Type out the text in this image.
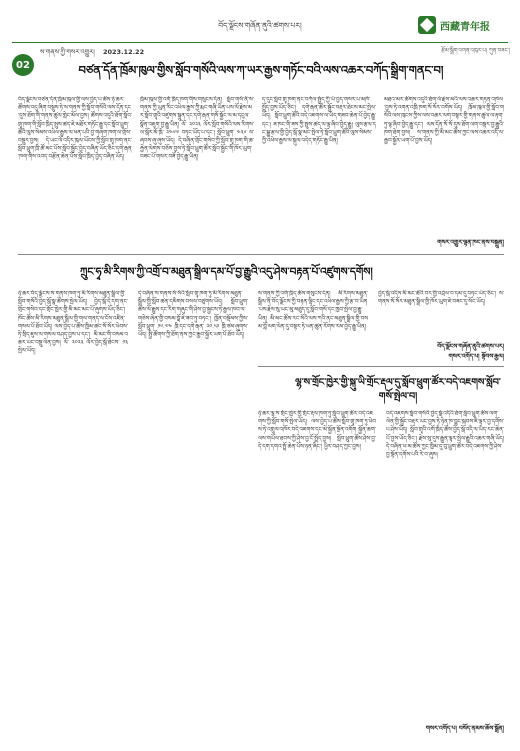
བོད་ལྗོངས་གཞོན་ནུའི་ཚགས་པར།	西藏青年报
ས་གནས་ཀྱི་གསར་འགྱུར། 2023.12.22	རྩོམ་སྒྲིག་འགན་འཁུར་པ། ཀུན་བཟང་།
02	བཙན་དོན་ཁྲོམ་ཁུལ་གྱིས་སློབ་གསོའི་ལས་ཀ་ཡར་རྒྱས་གཏོང་བའི་ལས་འཆར་བཀོད་སྒྲིག་གནང་བ།
བོད་ལྗོངས་བཙན་དོན་ཁྲོམ་ཁུལ་གྱི་ལས་བྱེད་པ་ཚོས་ཉེ་ཆར་ཚོགས་འདུ་ཞིག་བསྡུས་ཏེ་ས་གནས་ཀྱི་སློབ་གསོའི་ལས་དོན་དང་དུས་ཐོག་གི་གནས་ཚུལ་གླེང་མོལ་བྱས། ཚོགས་འདུའི་ཐོག་སློབ་གྲྭ་ཁག་གི་སློབ་ཁྲིད་སྤུས་ཚད་ཇེ་མཐོར་གཏོང་རྒྱུ་དང་སློབ་ཕྲུག་ཚོའི་ལུས་སེམས་འཕེལ་རྒྱས་ལ་ཕན་པའི་བྱ་གཞག་ཁག་ལ་གྲོས་བསྡུར་བྱས། དེ་ཡང་ལོ་འདིར་ཁུལ་ཡོངས་ཀྱི་སློབ་གྲྭ་ཁག་ནང་སློབ་ཕྲུག་ཁྲི་ཚོ་མང་པོས་སློབ་སྦྱོང་བྱེད་བཞིན་ཡོད་ཅིང་དགེ་རྒན་ཁག་གིས་འབད་བརྩོན་ཆེན་པོས་སློབ་ཁྲིད་བྱེད་བཞིན་ཡོད།
ཁྲོམ་ཁུལ་གྱི་འགོ་ཁྲིད་ཁག་གིས་གསུངས་དོན། སློབ་གསོ་ནི་ས་གནས་ཀྱི་ཡུན་རིང་འཕེལ་རྒྱས་ཀྱི་རྨང་གཞི་ཡིན་པས་ལོ་རྗེས་མར་སློབ་གྲྭའི་འཛུགས་སྐྲུན་དང་དགེ་རྒན་གསོ་སྐྱོང་ལ་མ་དངུལ་སྣོན་འཇུག་བྱ་རྒྱུ་ཡིན། ལོ་ ༢༠༢༣ ལོར་སློབ་གསོའི་ལས་རིགས་ལ་སྒོར་མོ་ཁྲི་ ༢༤༦༧ བཏང་ཡོད་པ་དང་། སློབ་ཕྲུག་ ༤༣༦ ལ་ཞབས་ཞུ་ཞུས་ཡོད། དེ་བཞིན་གྲོང་གསེབ་ཀྱི་སློབ་གྲྭ་ཁག་གི་ཆ་རྐྱེན་ལེགས་བཅོས་བྱས་ཏེ་སློབ་ཕྲུག་ཚོར་སློབ་སྦྱོང་གི་ཁོར་ཡུག་བཟང་པོ་གསར་བཟོ་བྱེད་རྒྱུ་ཡིན།
ད་དུང་སློབ་གྲྭ་ཁག་ནང་བཀོལ་སྤྱོད་ཀྱི་ཡོ་བྱད་གསར་པ་མཁོ་སྤྲོད་བྱས་ཡོད་ཅིང་། དགེ་རྒན་ཚོར་སྦྱོང་བརྡར་ཐེངས་མང་སྤེལ་ཡོད། སློབ་ཕྲུག་ཚོའི་བདེ་འཇགས་ལ་ཡིད་གཟབ་ཆེན་པོ་བྱེད་རྒྱུ་དང་། ཟ་ཁང་གི་ཟས་ཀྱི་སྤུས་ཚད་ལ་ལྟ་ཞིབ་བྱེད་རྒྱུ། ལུས་རྩལ་དང་སྒྱུ་རྩལ་གྱི་བྱེད་སྒོ་སྣ་མང་སྤེལ་ཏེ་སློབ་ཕྲུག་ཚོའི་ལུས་སེམས་ཀྱི་འཕེལ་རྒྱས་ལ་སྐུལ་འདེད་གཏོང་རྒྱུ་ཡིན།
མཐའ་མར་ཚོགས་འདུའི་ཐོག་ལོ་རྗེས་མའི་ལས་འཆར་གཏན་འཁེལ་བྱས་ཏེ་འགན་འཁྲི་ཁག་སོ་སོར་བགོས་ཡོད། ཁྲོམ་ཁུལ་གྱི་སློབ་གསོའི་ལས་ཁུངས་ཀྱིས་ལས་འཆར་ལག་བསྟར་གྱི་གནས་ཚུལ་ལ་རྟག་ཏུ་ལྟ་ཞིབ་བྱེད་རྒྱུ་དང་། ལས་དོན་སོ་སོ་དུས་ཐོག་ལག་བསྟར་བྱ་རྒྱུའི་ཁག་ཐེག་བྱས། ས་གནས་ཀྱི་མི་མང་ཚོས་ཀྱང་ལས་འཆར་འདི་ལ་རྒྱབ་སྐྱོར་ཡག་པོ་བྱས་ཡོད།
གསར་འགྱུར་ལྷན་ཁང་ནས་བསྐྲུན།
ཀྲུང་ཧྭ་མི་རིགས་ཀྱི་འགྲོ་བ་མཐུན་སྒྲིལ་དམ་པོ་བྱ་རྒྱུའི་འདུ་ཤེས་བརྟན་པོ་འཛུགས་དགོས།
ཉེ་ཆར་བོད་ལྗོངས་ས་གནས་ཁག་ཏུ་མི་རིགས་མཐུན་སྒྲིལ་གྱི་སློབ་གསོའི་བྱེད་སྒོ་སྣ་ཚོགས་སྤེལ་ཡོད། བྱེད་སྒོ་དེ་དག་ནང་གྲོང་གསེབ་དང་གྲོང་ཁྱེར་གྱི་མི་མང་མང་པོ་ཞུགས་ཡོད་ཅིང་། ཁོང་ཚོས་མི་རིགས་མཐུན་སྒྲིལ་གྱི་གལ་གནད་ལ་ངོས་འཛིན་གསལ་པོ་ཐོབ་ཡོད། ལས་བྱེད་པ་ཚོས་ཁྱིམ་ཚང་སོ་སོར་ཕེབས་ཏེ་སྲིད་ཇུས་ལ་གསལ་བཤད་བྱས་པ་དང་། མི་མང་གི་བསམ་འཆར་ཡང་བསྡུ་ལེན་བྱས། ལོ་ ༢༠༢༣ ལོར་བྱེད་སྒོ་ཐེངས་ ༡༣ སྤེལ་ཡོད།
དེ་བཞིན་ས་གནས་སོ་སོའི་སློབ་གྲྭ་ཁག་ཏུ་མི་རིགས་མཐུན་སྒྲིལ་གྱི་སློབ་ཚན་དམིགས་བསལ་བཙུགས་ཡོད། སློབ་ཕྲུག་ཚོས་ལོ་རྒྱུས་དང་རིག་གཞུང་གི་ཤེས་བྱ་སྦྱངས་ཏེ་རྒྱལ་ཁབ་ལ་གཅེས་ཞེན་གྱི་བསམ་བློ་ཇེ་ཟབ་ཏུ་བཏང་། ཁྱོན་བསྡོམས་ཀྱིས་སློབ་ཕྲུག་ ༡༦.༧༤ ཁྲི་དང་དགེ་རྒན་ ༢༠.༥༩ ཁྲི་ཙམ་ཞུགས་ཡོད། སྤྱི་ཚོགས་ཀྱི་ཐོག་ནས་ཀྱང་རྒྱབ་སྐྱོར་ཡག་པོ་ཐོབ་ཡོད།
ས་གནས་ཀྱི་འགོ་ཁྲིད་ཚོས་གསུངས་དོན། མི་རིགས་མཐུན་སྒྲིལ་ནི་བོད་ལྗོངས་ཀྱི་བརྟན་ལྷིང་དང་འཕེལ་རྒྱས་ཀྱི་རྩ་བ་ཡིན་པས་རྗེས་སུ་ཡང་མུ་མཐུད་དུ་སློབ་གསོ་དང་ཁྱབ་སྤེལ་བྱ་རྒྱུ་ཡིན། མི་མང་ཚོས་རང་སོའི་ལས་ཀའི་ནང་མཐུན་སྒྲིལ་གྱི་བསམ་བློ་ལག་ལེན་དུ་བསྟར་ཏེ་ཕན་ཚུན་རོགས་རམ་བྱེད་རྒྱུ་ཡིན།
བྱེད་སྒོ་འདིས་མི་མང་ཚོའི་བར་གྱི་འབྲེལ་བ་དམ་དུ་བཏང་ཡོད་ཅིང་། ས་གནས་སོ་སོར་མཐུན་སྒྲིལ་གྱི་ཁོར་ཡུག་ཇེ་བཟང་དུ་སོང་ཡོད།
བོད་ལྗོངས་གཞོན་ནུའི་ཚགས་པར།
གསར་འགོད་པ། སྟོབས་རྒྱལ།
ལྷ་ས་གྲོང་ཁྱེར་གྱི་སྐུ་ཡི་གྲོང་རྡལ་དུ་སློབ་ཕྲུག་ཚོར་བདེ་འཇགས་སློབ་གསོ་སྤེལ་བ།
ཉེ་ཆར་ལྷ་ས་གྲོང་ཁྱེར་གྱི་གྲོང་རྡལ་ཁག་ཏུ་སློབ་ཕྲུག་ཚོར་བདེ་འཇགས་ཀྱི་སློབ་གསོ་སྤེལ་ཡོད། ལས་བྱེད་པ་ཚོས་སློབ་གྲྭ་ཁག་ཏུ་ཕེབས་ཏེ་འགྲུལ་འཁོར་བདེ་འཇགས་དང་མེ་སྐྱོན་སྔོན་འགོག སྐྱོན་ཆག་ལས་གཡོལ་ཐབས་ཀྱི་ཤེས་བྱ་ངོ་སྤྲོད་བྱས། སློབ་ཕྲུག་ཚོས་ཤེས་བྱ་དེ་དག་དགའ་སྤྲོ་ཆེན་པོས་ཉན་ཞིང་། ཕྱིར་བཤད་ཀྱང་བྱས།
བདེ་འཇགས་སློབ་གསོའི་བྱེད་སྒོ་འདིའི་ཐོག་སློབ་ཕྲུག་ཚོས་ལག་ལེན་གྱི་སྦྱོང་བརྡར་ཡང་བྱས་ཏེ་ཉེན་ཁ་བྱུང་སྐབས་ཇི་ལྟར་བྱ་དགོས་པ་ཤེས་ཡོད། སློབ་གྲྭའི་འགོ་ཁྲིད་ཚོས་བྱེད་སྒོ་འདི་ལ་ཡིད་རང་ཆེན་པོ་བྱས་ཡོད་ཅིང་། རྗེས་སུ་དུས་རྒྱུན་ལྟར་སྤེལ་རྒྱུའི་འཆར་གཞི་ཡོད། དེ་བཞིན་ཕ་མ་ཚོས་ཀྱང་ཁྱིམ་དུ་བུ་ཕྲུག་ཚོར་བདེ་འཇགས་ཀྱི་ཤེས་བྱ་སྟོན་དགོས་པའི་རེ་བ་ཞུས།
གསར་འགོད་པ། བསོད་ནམས་ཆོས་སྒྲོན།
